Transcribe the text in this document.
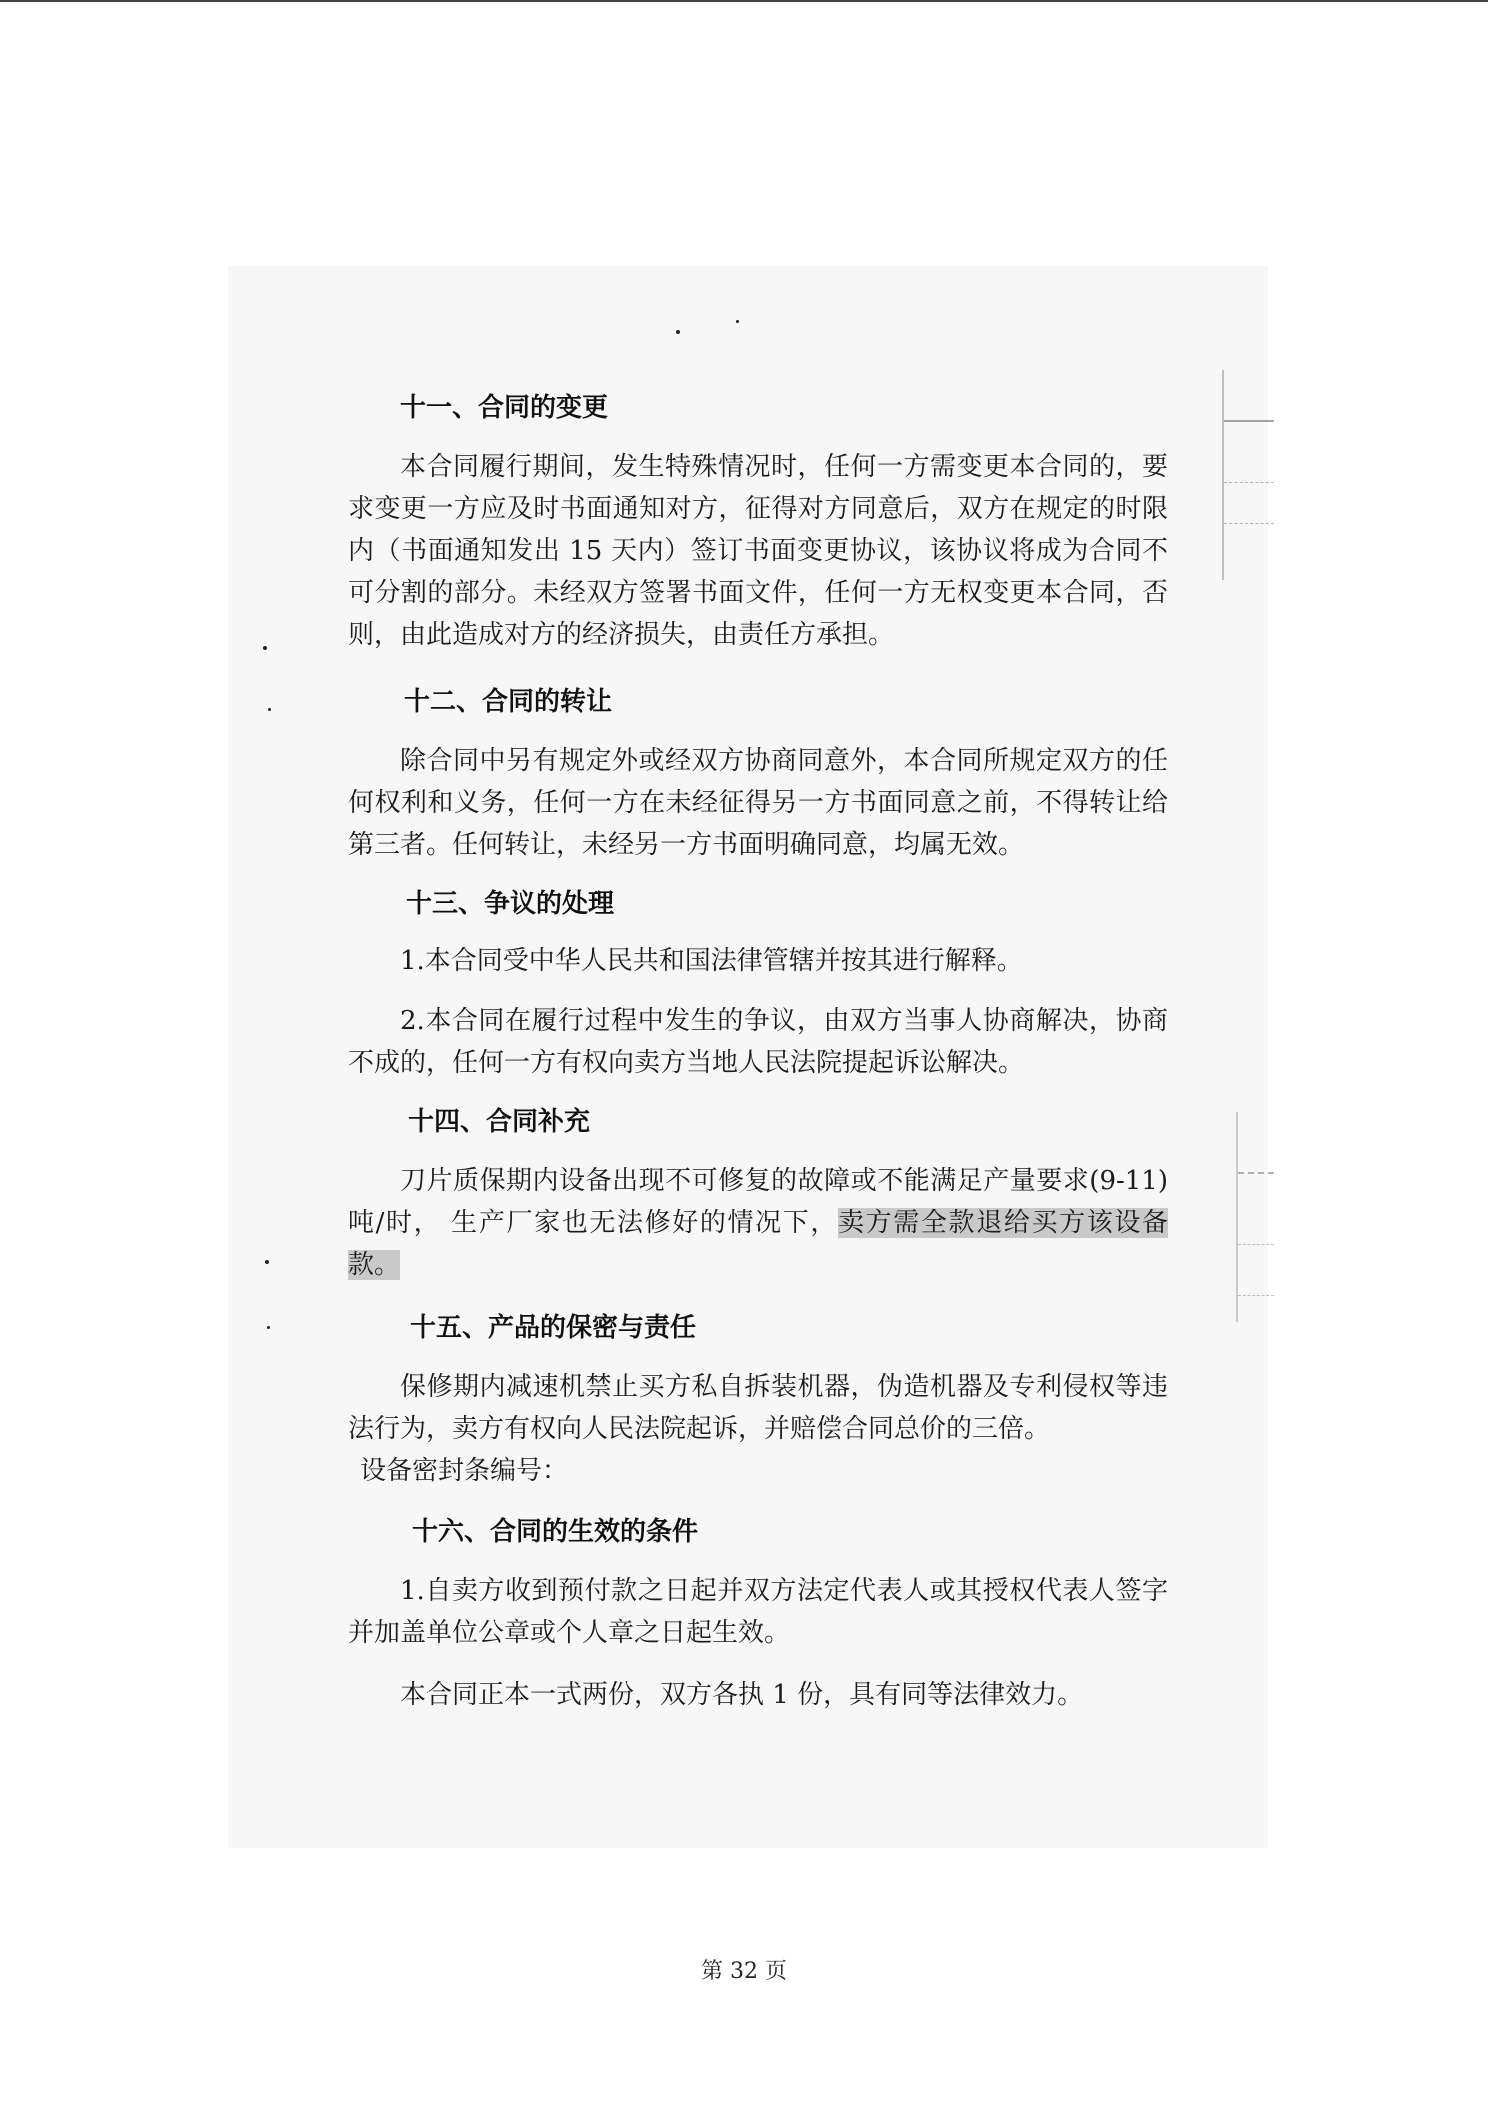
十一、合同的变更

本合同履行期间，发生特殊情况时，任何一方需变更本合同的，要求变更一方应及时书面通知对方，征得对方同意后，双方在规定的时限内（书面通知发出 15 天内）签订书面变更协议，该协议将成为合同不可分割的部分。未经双方签署书面文件，任何一方无权变更本合同，否则，由此造成对方的经济损失，由责任方承担。

十二、合同的转让

除合同中另有规定外或经双方协商同意外，本合同所规定双方的任何权利和义务，任何一方在未经征得另一方书面同意之前，不得转让给第三者。任何转让，未经另一方书面明确同意，均属无效。

十三、争议的处理

1.本合同受中华人民共和国法律管辖并按其进行解释。

2.本合同在履行过程中发生的争议，由双方当事人协商解决，协商不成的，任何一方有权向卖方当地人民法院提起诉讼解决。

十四、合同补充

刀片质保期内设备出现不可修复的故障或不能满足产量要求(9-11)吨/时， 生产厂家也无法修好的情况下，卖方需全款退给买方该设备款。

十五、产品的保密与责任

保修期内减速机禁止买方私自拆装机器，伪造机器及专利侵权等违法行为，卖方有权向人民法院起诉，并赔偿合同总价的三倍。

设备密封条编号：

十六、合同的生效的条件

1.自卖方收到预付款之日起并双方法定代表人或其授权代表人签字并加盖单位公章或个人章之日起生效。

本合同正本一式两份，双方各执 1 份，具有同等法律效力。

第 32 页
